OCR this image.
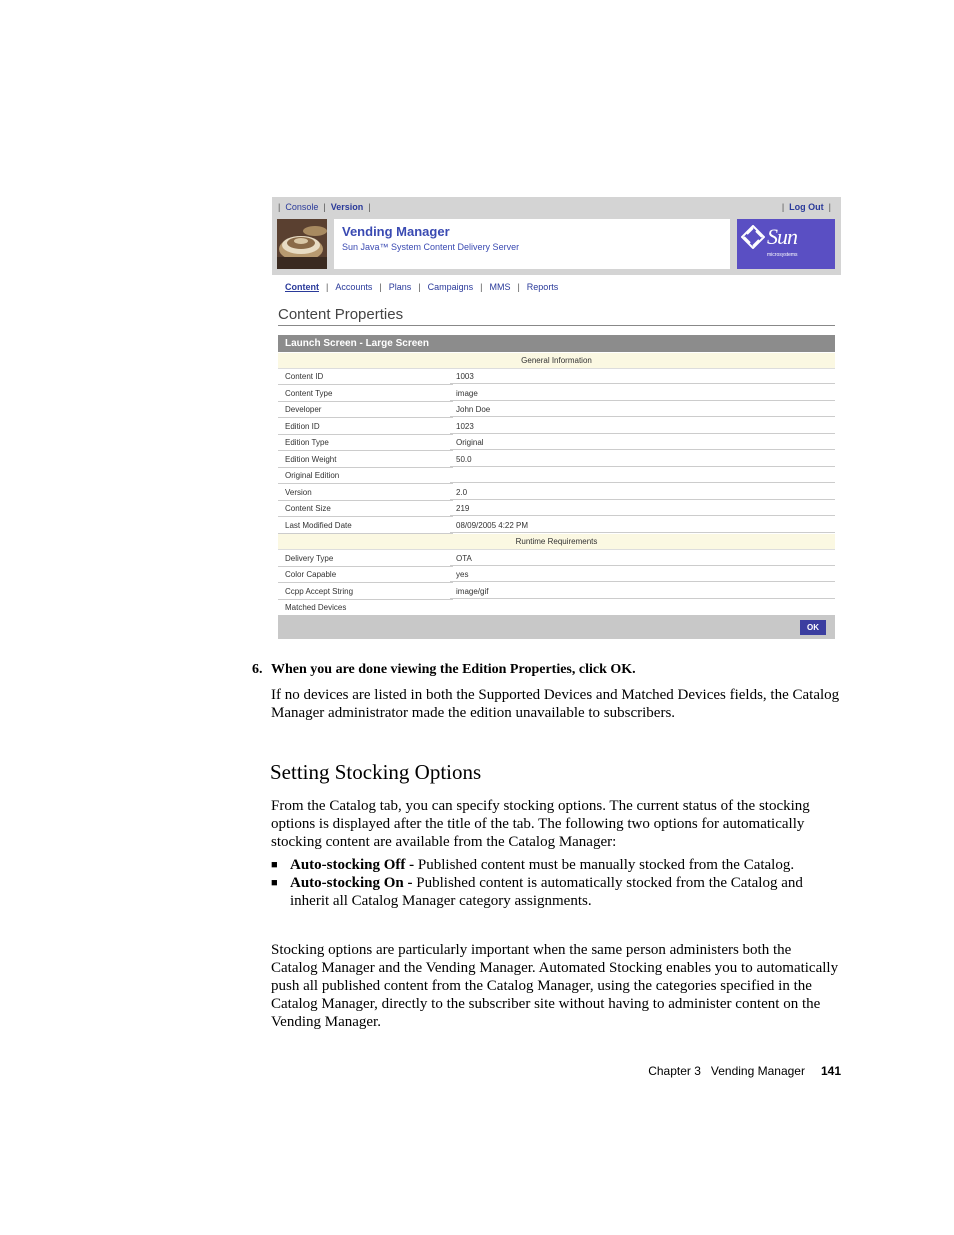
| Console | Version |	| Log Out |
Vending Manager
Sun Java™ System Content Delivery Server	Sun
microsystems
Content | Accounts | Plans | Campaigns | MMS | Reports
Content Properties
Launch Screen - Large Screen
General Information
Content ID	1003
Content Type	image
Developer	John Doe
Edition ID	1023
Edition Type	Original
Edition Weight	50.0
Original Edition
Version	2.0
Content Size	219
Last Modified Date	08/09/2005 4:22 PM
Runtime Requirements
Delivery Type	OTA
Color Capable	yes
Ccpp Accept String	image/gif
Matched Devices
OK
6. When you are done viewing the Edition Properties, click OK.

If no devices are listed in both the Supported Devices and Matched Devices fields, the Catalog Manager administrator made the edition unavailable to subscribers.

Setting Stocking Options

From the Catalog tab, you can specify stocking options. The current status of the stocking options is displayed after the title of the tab. The following two options for automatically stocking content are available from the Catalog Manager:

■ Auto-stocking Off - Published content must be manually stocked from the Catalog.
■ Auto-stocking On - Published content is automatically stocked from the Catalog and inherit all Catalog Manager category assignments.

Stocking options are particularly important when the same person administers both the Catalog Manager and the Vending Manager. Automated Stocking enables you to automatically push all published content from the Catalog Manager, using the categories specified in the Catalog Manager, directly to the subscriber site without having to administer content on the Vending Manager.

Chapter 3 Vending Manager 141
